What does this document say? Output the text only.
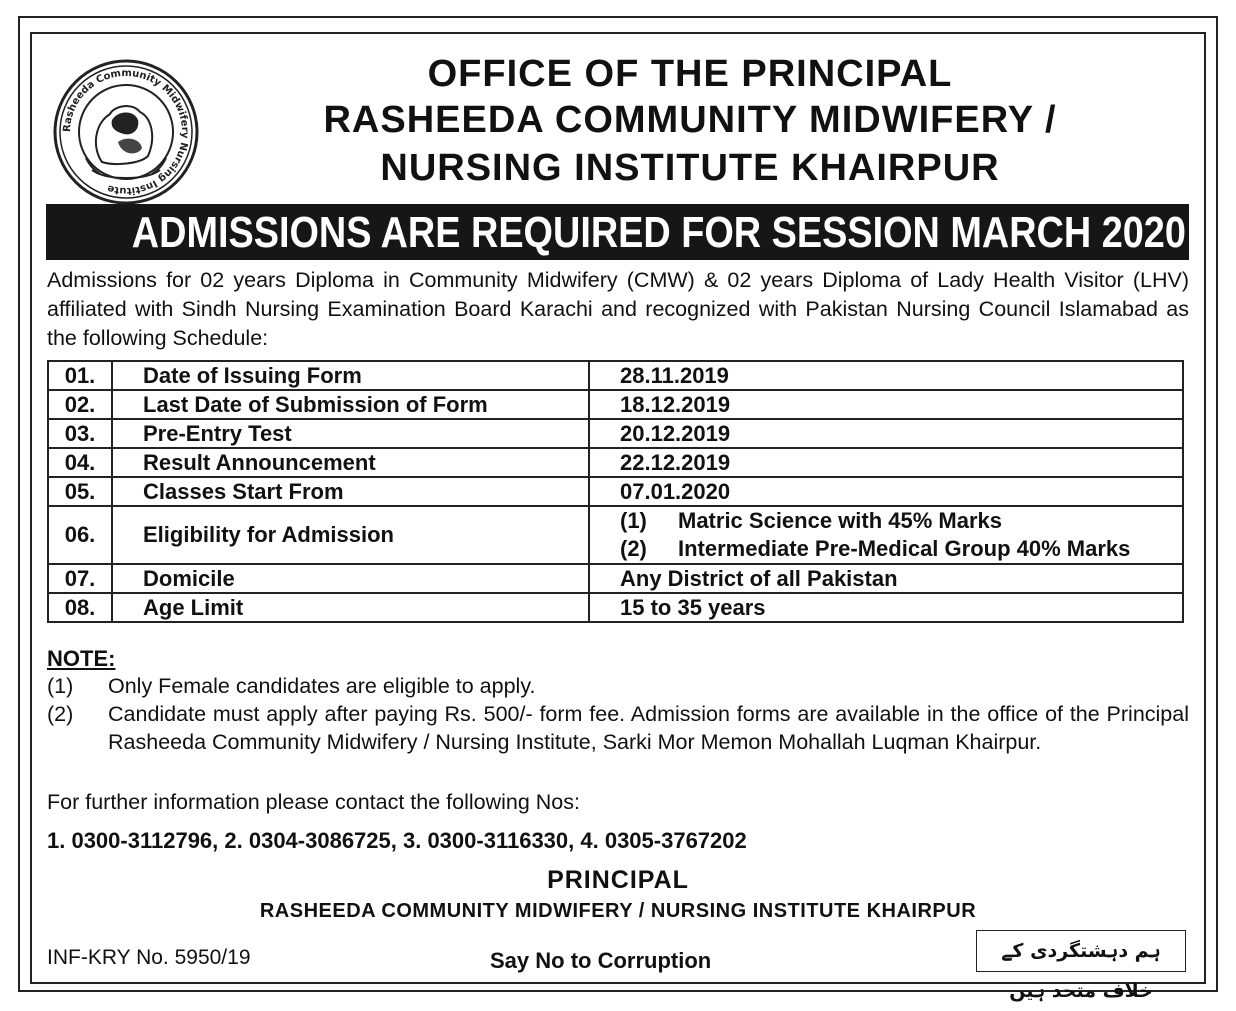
Rasheeda Community Midwifery Nursing Institute
OFFICE OF THE PRINCIPAL
RASHEEDA COMMUNITY MIDWIFERY /
NURSING INSTITUTE KHAIRPUR
ADMISSIONS ARE REQUIRED FOR SESSION MARCH 2020
Admissions for 02 years Diploma in Community Midwifery (CMW) & 02 years Diploma of Lady Health Visitor (LHV) affiliated with Sindh Nursing Examination Board Karachi and recognized with Pakistan Nursing Council Islamabad as the following Schedule:
01.	Date of Issuing Form	28.11.2019
02.	Last Date of Submission of Form	18.12.2019
03.	Pre-Entry Test	20.12.2019
04.	Result Announcement	22.12.2019
05.	Classes Start From	07.01.2020
06.	Eligibility for Admission	(1) Matric Science with 45% Marks
(2) Intermediate Pre-Medical Group 40% Marks

07.	Domicile	Any District of all Pakistan
08.	Age Limit	15 to 35 years
NOTE:
(1)	Only Female candidates are eligible to apply.
(2)	Candidate must apply after paying Rs. 500/- form fee. Admission forms are available in the office of the Principal Rasheeda Community Midwifery / Nursing Institute, Sarki Mor Memon Mohallah Luqman Khairpur.
For further information please contact the following Nos:
1. 0300-3112796, 2. 0304-3086725, 3. 0300-3116330, 4. 0305-3767202
PRINCIPAL
RASHEEDA COMMUNITY MIDWIFERY / NURSING INSTITUTE KHAIRPUR
INF-KRY No. 5950/19	Say No to Corruption	ہم دہشتگردی کے خلاف متحد ہیں
